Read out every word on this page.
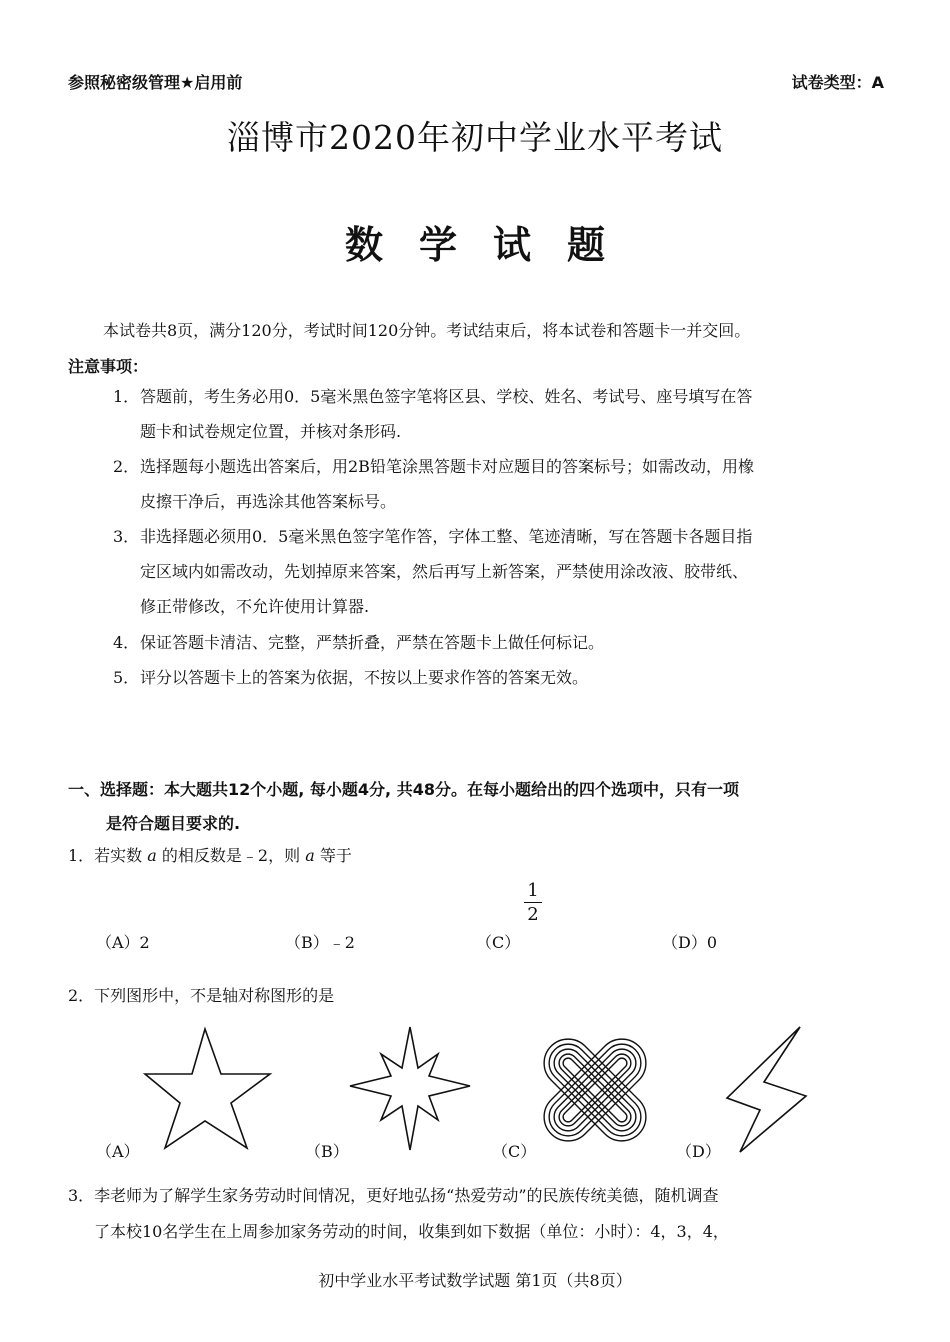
参照秘密级管理★启用前	试卷类型：A
淄博市2020年初中学业水平考试
数学试题
本试卷共8页，满分120分，考试时间120分钟。考试结束后，将本试卷和答题卡一并交回。
注意事项：
1． 答题前，考生务必用0．5毫米黑色签字笔将区县、学校、姓名、考试号、座号填写在答
题卡和试卷规定位置，并核对条形码.
2． 选择题每小题选出答案后，用2B铅笔涂黑答题卡对应题目的答案标号；如需改动，用橡
皮擦干净后，再选涂其他答案标号。
3． 非选择题必须用0．5毫米黑色签字笔作答，字体工整、笔迹清晰，写在答题卡各题目指
定区域内如需改动，先划掉原来答案，然后再写上新答案，严禁使用涂改液、胶带纸、
修正带修改，不允许使用计算器.
4． 保证答题卡清洁、完整，严禁折叠，严禁在答题卡上做任何标记。
5． 评分以答题卡上的答案为依据，不按以上要求作答的答案无效。
一、选择题：本大题共12个小题, 每小题4分, 共48分。在每小题给出的四个选项中，只有一项
是符合题目要求的.
1．若实数 a 的相反数是﹣2，则 a 等于
（A）2	（B）﹣2	（C）
1
2
（D）0
2．下列图形中，不是轴对称图形的是
（A）	（B）	（C）	（D）
3．李老师为了解学生家务劳动时间情况，更好地弘扬“热爱劳动”的民族传统美德，随机调查
了本校10名学生在上周参加家务劳动的时间，收集到如下数据（单位：小时）：4，3，4，
初中学业水平考试数学试题 第1页（共8页）
